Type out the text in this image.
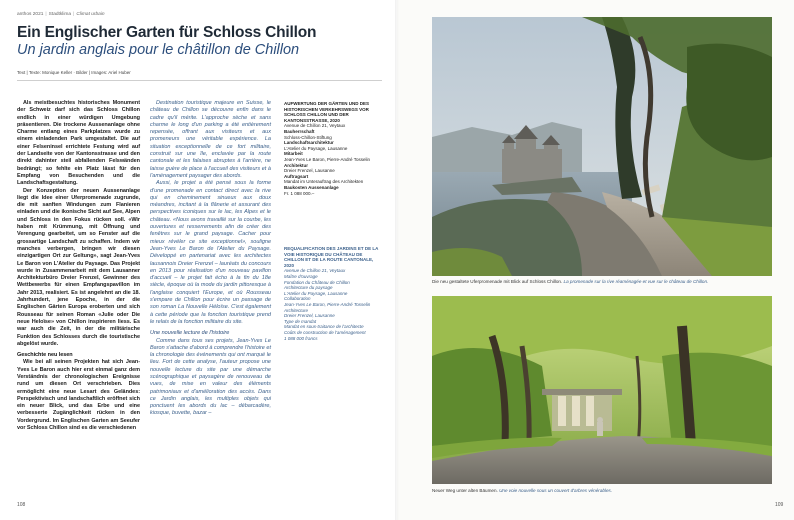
anthos 2021 | Stadtklima | Climat urbain
Ein Englischer Garten für Schloss Chillon
Un jardin anglais pour le châtillon de Chillon
Text | Texte: Monique Keller · Bilder | Images: Ariel Huber

Als meistbesuchtes historisches Monument der Schweiz darf sich das Schloss Chillon endlich in einer würdigen Umgebung präsentieren. Die trockene Aussenanlage ohne Charme entlang eines Parkplatzes wurde zu einem einladenden Park umgestaltet. Die auf einer Felseninsel errichtete Festung wird auf der Landseite von der Kantonsstrasse und den direkt dahinter steil abfallenden Felswänden bedrängt; so fehlte ein Platz lässt für den Empfang von Besuchenden und die Landschaftsgestaltung.

Der Konzeption der neuen Aussenanlage liegt die Idee einer Uferpromenade zugrunde, die mit sanften Windungen zum Flanieren einladen und die ikonische Sicht auf See, Alpen und Schloss in den Fokus rücken soll. «Wir haben mit Krümmung, mit Öffnung und Verengung gearbeitet, um so Fenster auf die grossartige Landschaft zu schaffen. Indem wir manches verbergen, bringen wir diesen einzigartigen Ort zur Geltung», sagt Jean-Yves Le Baron von L'Atelier du Paysage. Das Projekt wurde in Zusammenarbeit mit dem Lausanner Architekturbüro Dreier Frenzel, Gewinner des Wettbewerbs für einen Empfangspavillon im Jahr 2013, realisiert. Es ist angelehnt an die 18. Jahrhundert, jene Epoche, in der die Englischen Gärten Europa eroberten und sich Rousseau für seinen Roman «Julie oder Die neue Heloïse» von Chillon inspirieren liess. Es war auch die Zeit, in der die militärische Funktion des Schlosses durch die touristische abgelöst wurde.

Geschichte neu lesen

Wie bei all seinen Projekten hat sich Jean-Yves Le Baron auch hier erst einmal ganz dem Verständnis der chronologischen Ereignisse rund um diesen Ort verschrieben. Dies ermöglicht eine neue Lesart des Geländes: Perspektivisch und landschaftlich eröffnet sich ein neuer Blick, und das Erbe und eine verbesserte Zugänglichkeit rücken in den Vordergrund. Im Englischen Garten am Seeufer vor Schloss Chillon sind es die verschiedenen

Destination touristique majeure en Suisse, le château de Chillon se découvre enfin dans le cadre qu'il mérite. L'approche sèche et sans charme le long d'un parking a été entièrement repensée, offrant aux visiteurs et aux promeneurs une véritable expérience. La situation exceptionnelle de ce fort militaire, construit sur une île, enclavée par la route cantonale et les falaises abruptes à l'arrière, ne laisse guère de place à l'accueil des visiteurs et à l'aménagement paysager des abords.

Aussi, le projet a été pensé sous la forme d'une promenade en contact direct avec la rive qui en cheminement sinueux aux doux méandres, incitant à la flânerie et assurant des perspectives iconiques sur le lac, les Alpes et le château. «Nous avons travaillé sur la courbe, les ouvertures et resserrements afin de créer des fenêtres sur le grand paysage. Cacher pour mieux révéler ce site exceptionnel», souligne Jean-Yves Le Baron de l'Atelier du Paysage. Développé en partenariat avec les architectes lausannois Dreier Frenzel – lauréats du concours en 2013 pour réalisation d'un nouveau pavillon d'accueil – le projet fait écho à la fin du 18e siècle, époque où la mode du jardin pittoresque à l'anglaise conquiert l'Europe, et où Rousseau s'empare de Chillon pour écrire un passage de son roman La Nouvelle Héloïse. C'est également à cette période que la fonction touristique prend le relais de la fonction militaire du site.

Une nouvelle lecture de l'histoire

Comme dans tous ses projets, Jean-Yves Le Baron s'attache d'abord à comprendre l'histoire et la chronologie des événements qui ont marqué le lieu. Fort de cette analyse, l'auteur propose une nouvelle lecture du site par une démarche scénographique et paysagère de renouveau de vues, de mise en valeur des éléments patrimoniaux et d'amélioration des accès. Dans ce Jardin anglais, les multiples objets qui ponctuent les abords du lac – débarcadère, kiosque, buvette, bazar –

AUFWERTUNG DER GÄRTEN UND DES HISTORISCHEN VERKEHRSWEGS VOR SCHLOSS CHILLON UND DER KANTONSSTRASSE, 2020
Avenue de Chillon 21, Veytaux
Bauherrschaft
Schloss-Chillon-Stiftung
Landschaftsarchitektur
L'Atelier du Paysage, Lausanne
Mitarbeit
Jean-Yves Le Baron, Pierre-André Tosselin
Architektur
Dreier Frenzel, Lausanne
Auftragsart
Mandat im Unterauftrag des Architekten
Baukosten Aussenanlage
Fr. 1 088 000.–
REQUALIFICATION DES JARDINS ET DE LA VOIE HISTORIQUE DU CHÂTEAU DE CHILLON ET DE LA ROUTE CANTONALE, 2020
Avenue de Chillon 21, Veytaux
Maître d'ouvrage
Fondation du Château de Chillon
Architecture du paysage
L'Atelier du Paysage, Lausanne
Collaboration
Jean-Yves Le Baron, Pierre-André Tosselin
Architecture
Dreier Frenzel, Lausanne
Type de mandat
Mandat en sous-traitance de l'architecte
Coûts de construction de l'aménagement
1 088 000 francs
108
Die neu gestaltete Uferpromenade mit Blick auf Schloss Chillon. La promenade sur la rive réaménagée et vue sur le château de Chillon.
Neuer Weg unter alten Bäumen. Une voie nouvelle sous un couvert d'arbres vénérables.
109
